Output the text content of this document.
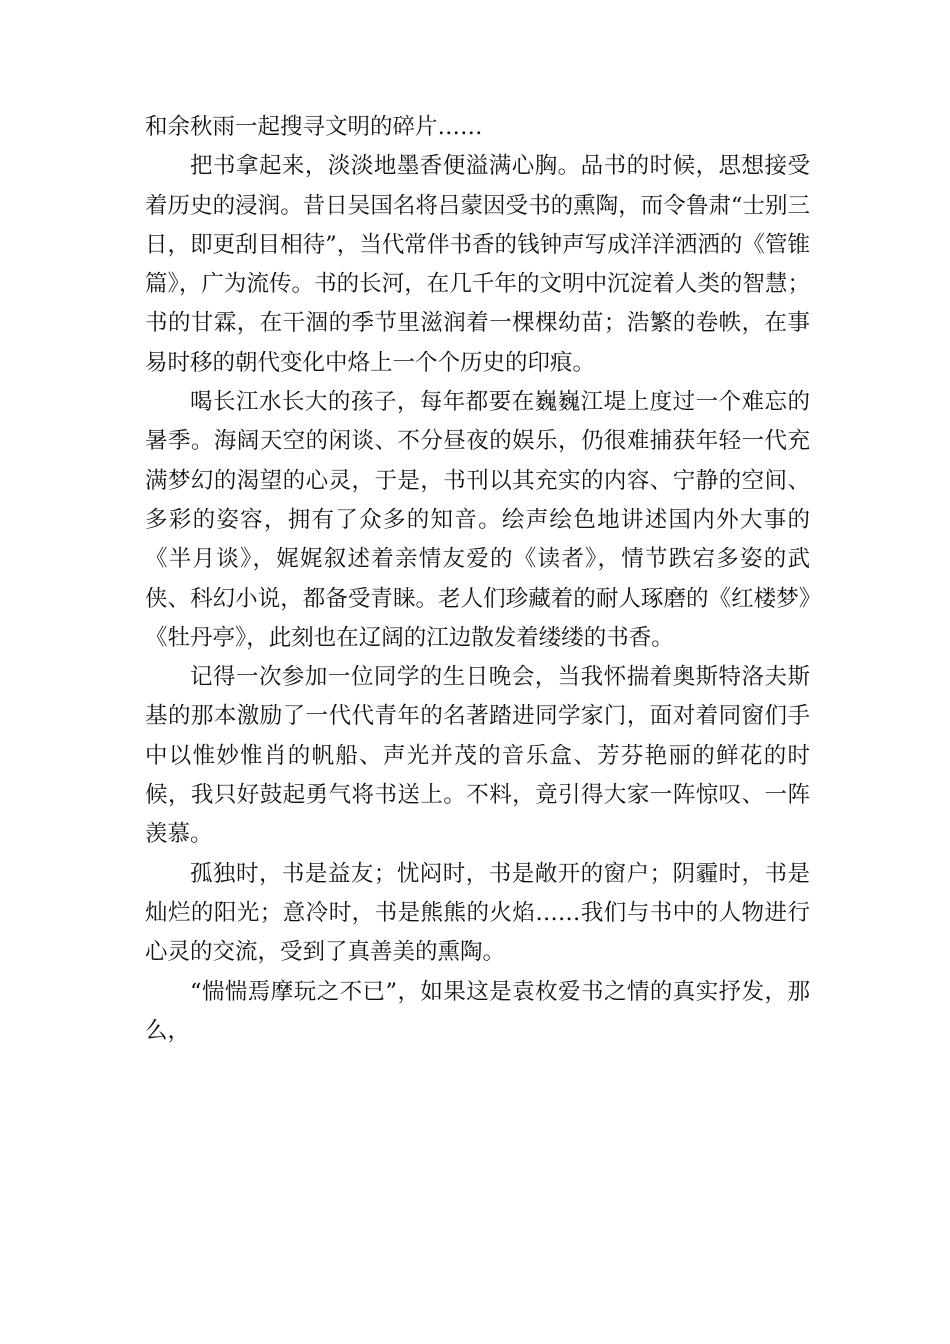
和余秋雨一起搜寻文明的碎片……

把书拿起来，淡淡地墨香便溢满心胸。品书的时候，思想接受着历史的浸润。昔日吴国名将吕蒙因受书的熏陶，而令鲁肃“士别三日，即更刮目相待”，当代常伴书香的钱钟声写成洋洋洒洒的《管锥篇》，广为流传。书的长河，在几千年的文明中沉淀着人类的智慧；书的甘霖，在干涸的季节里滋润着一棵棵幼苗；浩繁的卷帙，在事易时移的朝代变化中烙上一个个历史的印痕。

喝长江水长大的孩子，每年都要在巍巍江堤上度过一个难忘的暑季。海阔天空的闲谈、不分昼夜的娱乐，仍很难捕获年轻一代充满梦幻的渴望的心灵，于是，书刊以其充实的内容、宁静的空间、多彩的姿容，拥有了众多的知音。绘声绘色地讲述国内外大事的《半月谈》，娓娓叙述着亲情友爱的《读者》，情节跌宕多姿的武侠、科幻小说，都备受青睐。老人们珍藏着的耐人琢磨的《红楼梦》《牡丹亭》，此刻也在辽阔的江边散发着缕缕的书香。

记得一次参加一位同学的生日晚会，当我怀揣着奥斯特洛夫斯基的那本激励了一代代青年的名著踏进同学家门，面对着同窗们手中以惟妙惟肖的帆船、声光并茂的音乐盒、芳芬艳丽的鲜花的时候，我只好鼓起勇气将书送上。不料，竟引得大家一阵惊叹、一阵羡慕。

孤独时，书是益友；忧闷时，书是敞开的窗户；阴霾时，书是灿烂的阳光；意冷时，书是熊熊的火焰……我们与书中的人物进行心灵的交流，受到了真善美的熏陶。

“惴惴焉摩玩之不已”，如果这是袁枚爱书之情的真实抒发，那么，
